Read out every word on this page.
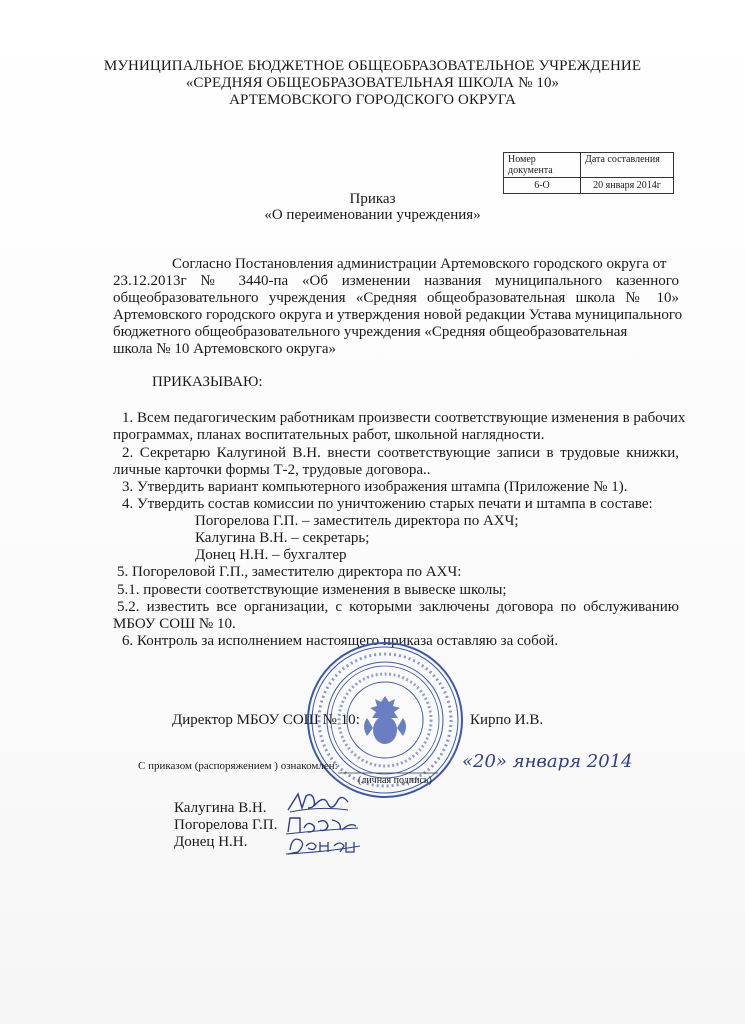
МУНИЦИПАЛЬНОЕ БЮДЖЕТНОЕ ОБЩЕОБРАЗОВАТЕЛЬНОЕ УЧРЕЖДЕНИЕ
«СРЕДНЯЯ ОБЩЕОБРАЗОВАТЕЛЬНАЯ ШКОЛА № 10»
АРТЕМОВСКОГО ГОРОДСКОГО ОКРУГА
Номер документа	Дата составления
6-О	20 января 2014г
Приказ
«О переименовании учреждения»
Согласно Постановления администрации Артемовского городского округа от
23.12.2013г № 3440-па «Об изменении названия муниципального казенного
общеобразовательного учреждения «Средняя общеобразовательная школа № 10»
Артемовского городского округа и утверждения новой редакции Устава муниципального
бюджетного общеобразовательного учреждения «Средняя общеобразовательная
школа № 10 Артемовского округа»
ПРИКАЗЫВАЮ:
1. Всем педагогическим работникам произвести соответствующие изменения в рабочих
программах, планах воспитательных работ, школьной наглядности.
2. Секретарю Калугиной В.Н. внести соответствующие записи в трудовые книжки,
личные карточки формы Т-2, трудовые договора..
3. Утвердить вариант компьютерного изображения штампа (Приложение № 1).
4. Утвердить состав комиссии по уничтожению старых печати и штампа в составе:
Погорелова Г.П. – заместитель директора по АХЧ;
Калугина В.Н. – секретарь;
Донец Н.Н. – бухгалтер
5. Погореловой Г.П., заместителю директора по АХЧ:
5.1. провести соответствующие изменения в вывеске школы;
5.2. известить все организации, с которыми заключены договора по обслуживанию
МБОУ СОШ № 10.
6. Контроль за исполнением настоящего приказа оставляю за собой.
Директор МБОУ СОШ № 10:	Кирпо И.В.
С приказом (распоряжением ) ознакомлен:	«20» января 2014
(личная подпись)
Калугина В.Н.
Погорелова Г.П.
Донец Н.Н.
